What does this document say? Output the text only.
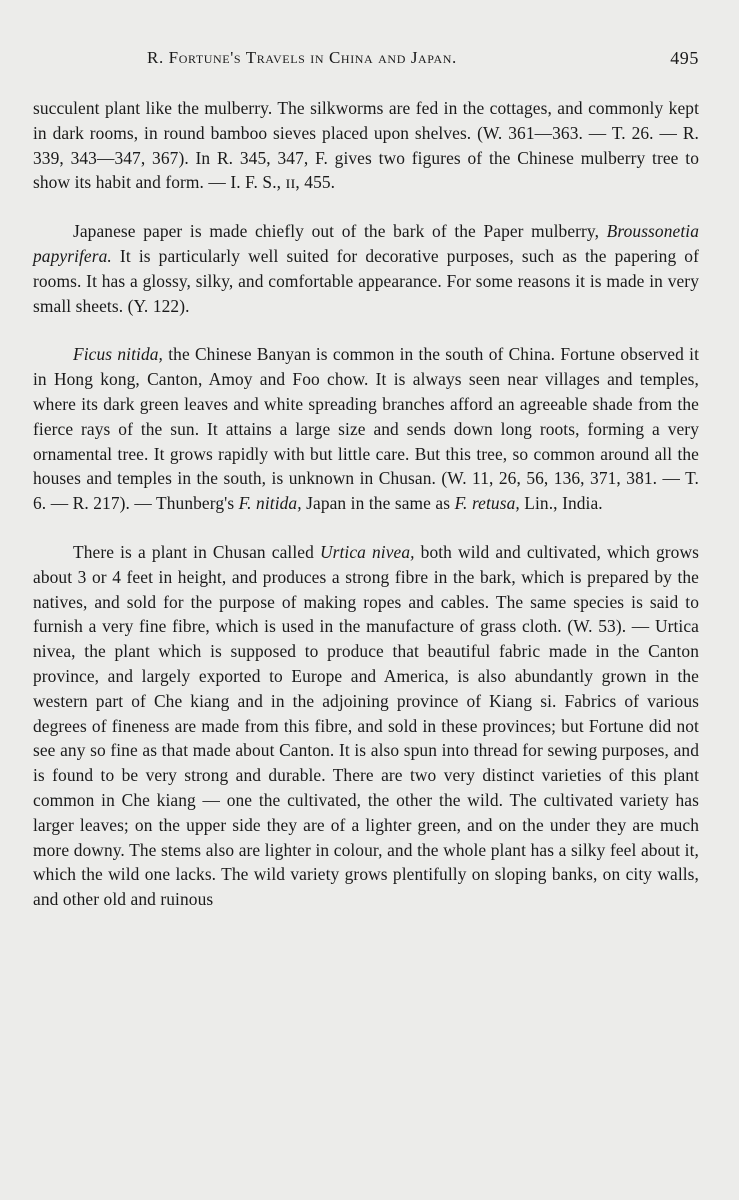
R. Fortune's Travels in China and Japan.	495

succulent plant like the mulberry. The silkworms are fed in the cottages, and commonly kept in dark rooms, in round bamboo sieves placed upon shelves. (W. 361—363. — T. 26. — R. 339, 343—347, 367). In R. 345, 347, F. gives two figures of the Chinese mulberry tree to show its habit and form. — I. F. S., ɪɪ, 455.

Japanese paper is made chiefly out of the bark of the Paper mulberry, Broussonetia papyrifera. It is particularly well suited for decorative purposes, such as the papering of rooms. It has a glossy, silky, and comfortable appearance. For some reasons it is made in very small sheets. (Y. 122).

Ficus nitida, the Chinese Banyan is common in the south of China. Fortune observed it in Hong kong, Canton, Amoy and Foo chow. It is always seen near villages and temples, where its dark green leaves and white spreading branches afford an agreeable shade from the fierce rays of the sun. It attains a large size and sends down long roots, forming a very ornamental tree. It grows rapidly with but little care. But this tree, so common around all the houses and temples in the south, is unknown in Chusan. (W. 11, 26, 56, 136, 371, 381. — T. 6. — R. 217). — Thunberg's F. nitida, Japan in the same as F. retusa, Lin., India.

There is a plant in Chusan called Urtica nivea, both wild and cultivated, which grows about 3 or 4 feet in height, and produces a strong fibre in the bark, which is prepared by the natives, and sold for the purpose of making ropes and cables. The same species is said to furnish a very fine fibre, which is used in the manufacture of grass cloth. (W. 53). — Urtica nivea, the plant which is supposed to produce that beautiful fabric made in the Canton province, and largely exported to Europe and America, is also abundantly grown in the western part of Che kiang and in the adjoining province of Kiang si. Fabrics of various degrees of fineness are made from this fibre, and sold in these provinces; but Fortune did not see any so fine as that made about Canton. It is also spun into thread for sewing purposes, and is found to be very strong and durable. There are two very distinct varieties of this plant common in Che kiang — one the cultivated, the other the wild. The cultivated variety has larger leaves; on the upper side they are of a lighter green, and on the under they are much more downy. The stems also are lighter in colour, and the whole plant has a silky feel about it, which the wild one lacks. The wild variety grows plentifully on sloping banks, on city walls, and other old and ruinous
